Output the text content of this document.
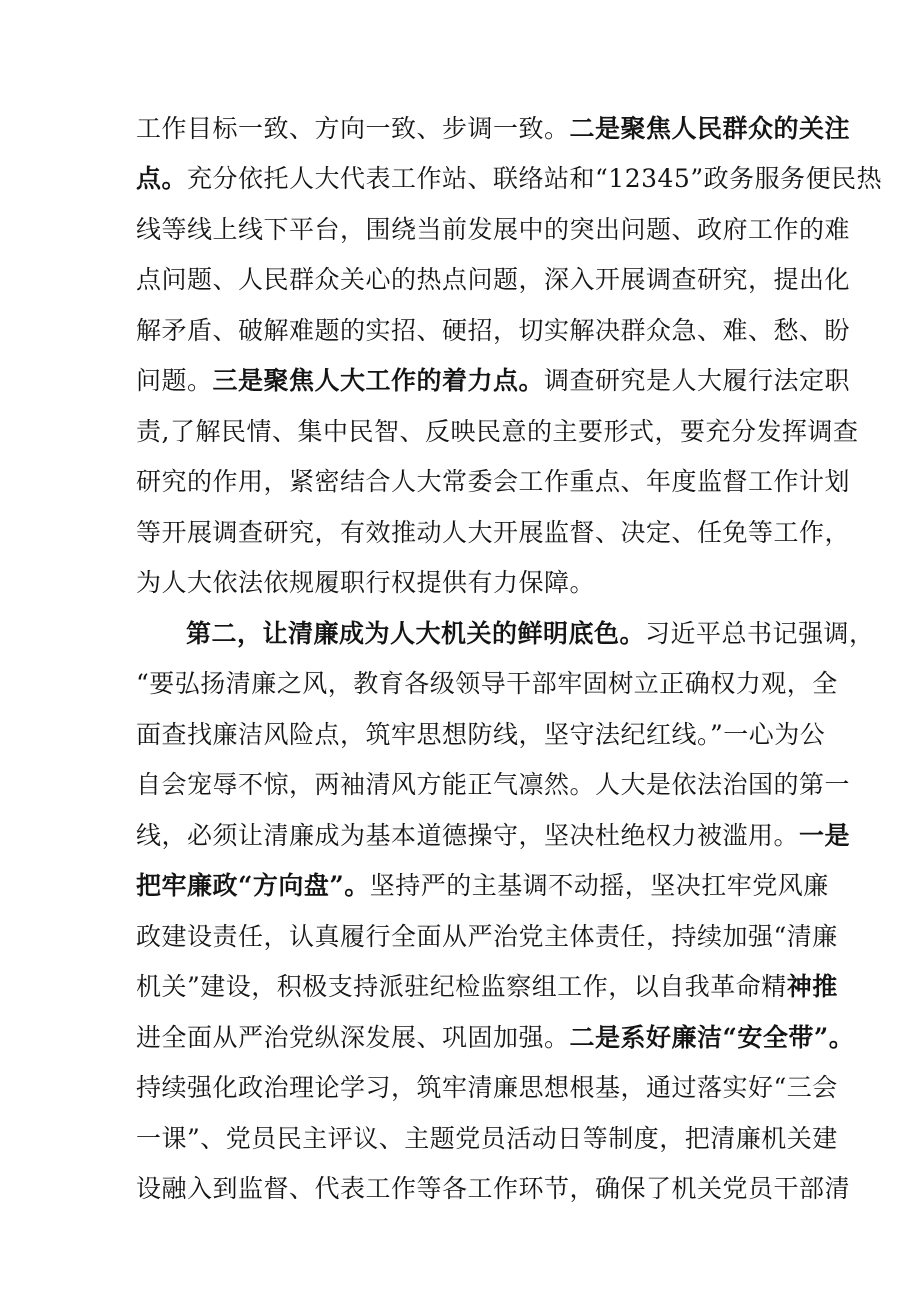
工作目标一致、方向一致、步调一致。二是聚焦人民群众的关注
点。充分依托人大代表工作站、联络站和“12345”政务服务便民热
线等线上线下平台，围绕当前发展中的突出问题、政府工作的难
点问题、人民群众关心的热点问题，深入开展调查研究，提出化
解矛盾、破解难题的实招、硬招，切实解决群众急、难、愁、盼
问题。三是聚焦人大工作的着力点。调查研究是人大履行法定职
责,了解民情、集中民智、反映民意的主要形式，要充分发挥调查
研究的作用，紧密结合人大常委会工作重点、年度监督工作计划
等开展调查研究，有效推动人大开展监督、决定、任免等工作，
为人大依法依规履职行权提供有力保障。
第二，让清廉成为人大机关的鲜明底色。习近平总书记强调，
“要弘扬清廉之风，教育各级领导干部牢固树立正确权力观，全
面查找廉洁风险点，筑牢思想防线，坚守法纪红线。”一心为公
自会宠辱不惊，两袖清风方能正气凛然。人大是依法治国的第一
线，必须让清廉成为基本道德操守，坚决杜绝权力被滥用。一是
把牢廉政“方向盘”。坚持严的主基调不动摇，坚决扛牢党风廉
政建设责任，认真履行全面从严治党主体责任，持续加强“清廉
机关”建设，积极支持派驻纪检监察组工作，以自我革命精神推
进全面从严治党纵深发展、巩固加强。二是系好廉洁“安全带”。
持续强化政治理论学习，筑牢清廉思想根基，通过落实好“三会
一课”、党员民主评议、主题党员活动日等制度，把清廉机关建
设融入到监督、代表工作等各工作环节，确保了机关党员干部清
